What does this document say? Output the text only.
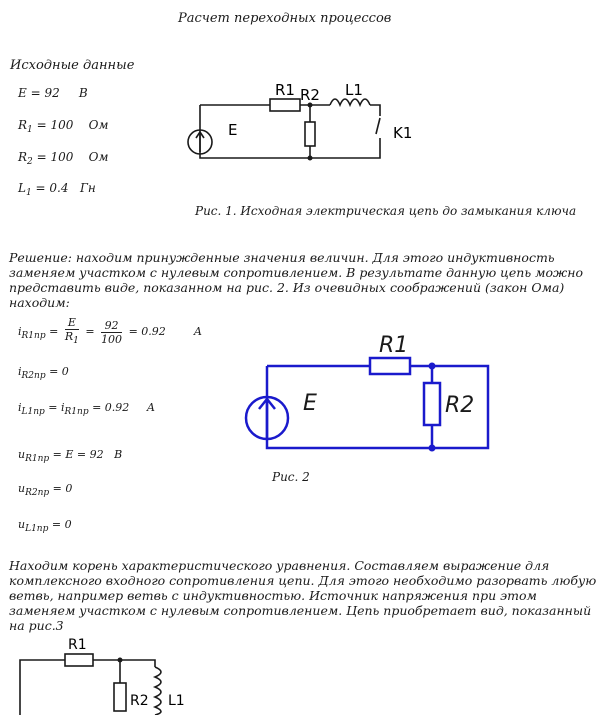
Расчет переходных процессов
Исходные данные
E = 92 В
$R_1 = 100$ Ом
$R_2 = 100$ Ом
$L_1 = 0.4$ Гн
R1 R2 L1
E	K1
Рис. 1. Исходная электрическая цепь до замыкания ключа
Решение: находим принужденные значения величин. Для этого индуктивность заменяем участком с нулевым сопротивлением. В результате данную цепь можно представить виде, показанном на рис. 2. Из очевидных соображений (закон Ома) находим:
$i_{R1пр} = \frac{E}{R_1} = \frac{92}{100} = 0.92$	А
$i_{R2пр} = 0$
$i_{L1пр} = i_{R1пр} = 0.92$ А
$u_{R1пр} = E = 92$ В
$u_{R2пр} = 0$
$u_{L1пр} = 0$
R1
R2
E
Рис. 2
Находим корень характеристического уравнения. Составляем выражение для комплексного входного сопротивления цепи. Для этого необходимо разорвать любую ветвь, например ветвь с индуктивностью. Источник напряжения при этом заменяем участком с нулевым сопротивлением. Цепь приобретает вид, показанный на рис.3
R1
R2 L1
